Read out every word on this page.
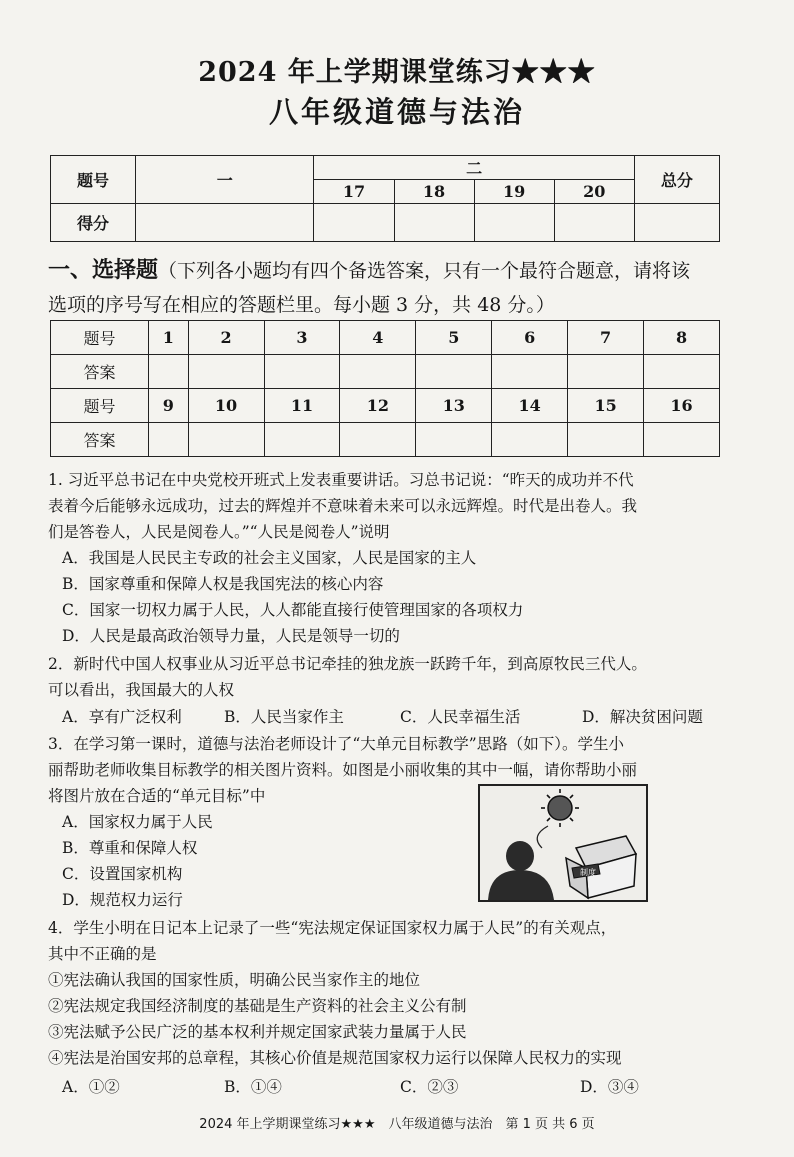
2024 年上学期课堂练习★★★
八年级道德与法治
题号	一	二				总分
		17	18	19	20	
得分						
一、选择题（下列各小题均有四个备选答案，只有一个最符合题意，请将该
选项的序号写在相应的答题栏里。每小题 3 分，共 48 分。）
题号	1	2	3	4	5	6	7	8
答案								
题号	9	10	11	12	13	14	15	16
答案								
1. 习近平总书记在中央党校开班式上发表重要讲话。习总书记说：“昨天的成功并不代
表着今后能够永远成功，过去的辉煌并不意味着未来可以永远辉煌。时代是出卷人。我
们是答卷人，人民是阅卷人。”“人民是阅卷人”说明
A．我国是人民民主专政的社会主义国家，人民是国家的主人
B．国家尊重和保障人权是我国宪法的核心内容
C．国家一切权力属于人民，人人都能直接行使管理国家的各项权力
D．人民是最高政治领导力量，人民是领导一切的
2．新时代中国人权事业从习近平总书记牵挂的独龙族一跃跨千年，到高原牧民三代人。
可以看出，我国最大的人权
A．享有广泛权利	B．人民当家作主	C．人民幸福生活	D．解决贫困问题
3．在学习第一课时，道德与法治老师设计了“大单元目标教学”思路（如下）。学生小
丽帮助老师收集目标教学的相关图片资料。如图是小丽收集的其中一幅，请你帮助小丽
将图片放在合适的“单元目标”中
A．国家权力属于人民
B．尊重和保障人权
C．设置国家机构
D．规范权力运行
制度
4．学生小明在日记本上记录了一些“宪法规定保证国家权力属于人民”的有关观点，
其中不正确的是
①宪法确认我国的国家性质，明确公民当家作主的地位
②宪法规定我国经济制度的基础是生产资料的社会主义公有制
③宪法赋予公民广泛的基本权利并规定国家武装力量属于人民
④宪法是治国安邦的总章程，其核心价值是规范国家权力运行以保障人民权力的实现
A．①②	B．①④	C．②③	D．③④
2024 年上学期课堂练习★★★　八年级道德与法治　第 1 页 共 6 页
